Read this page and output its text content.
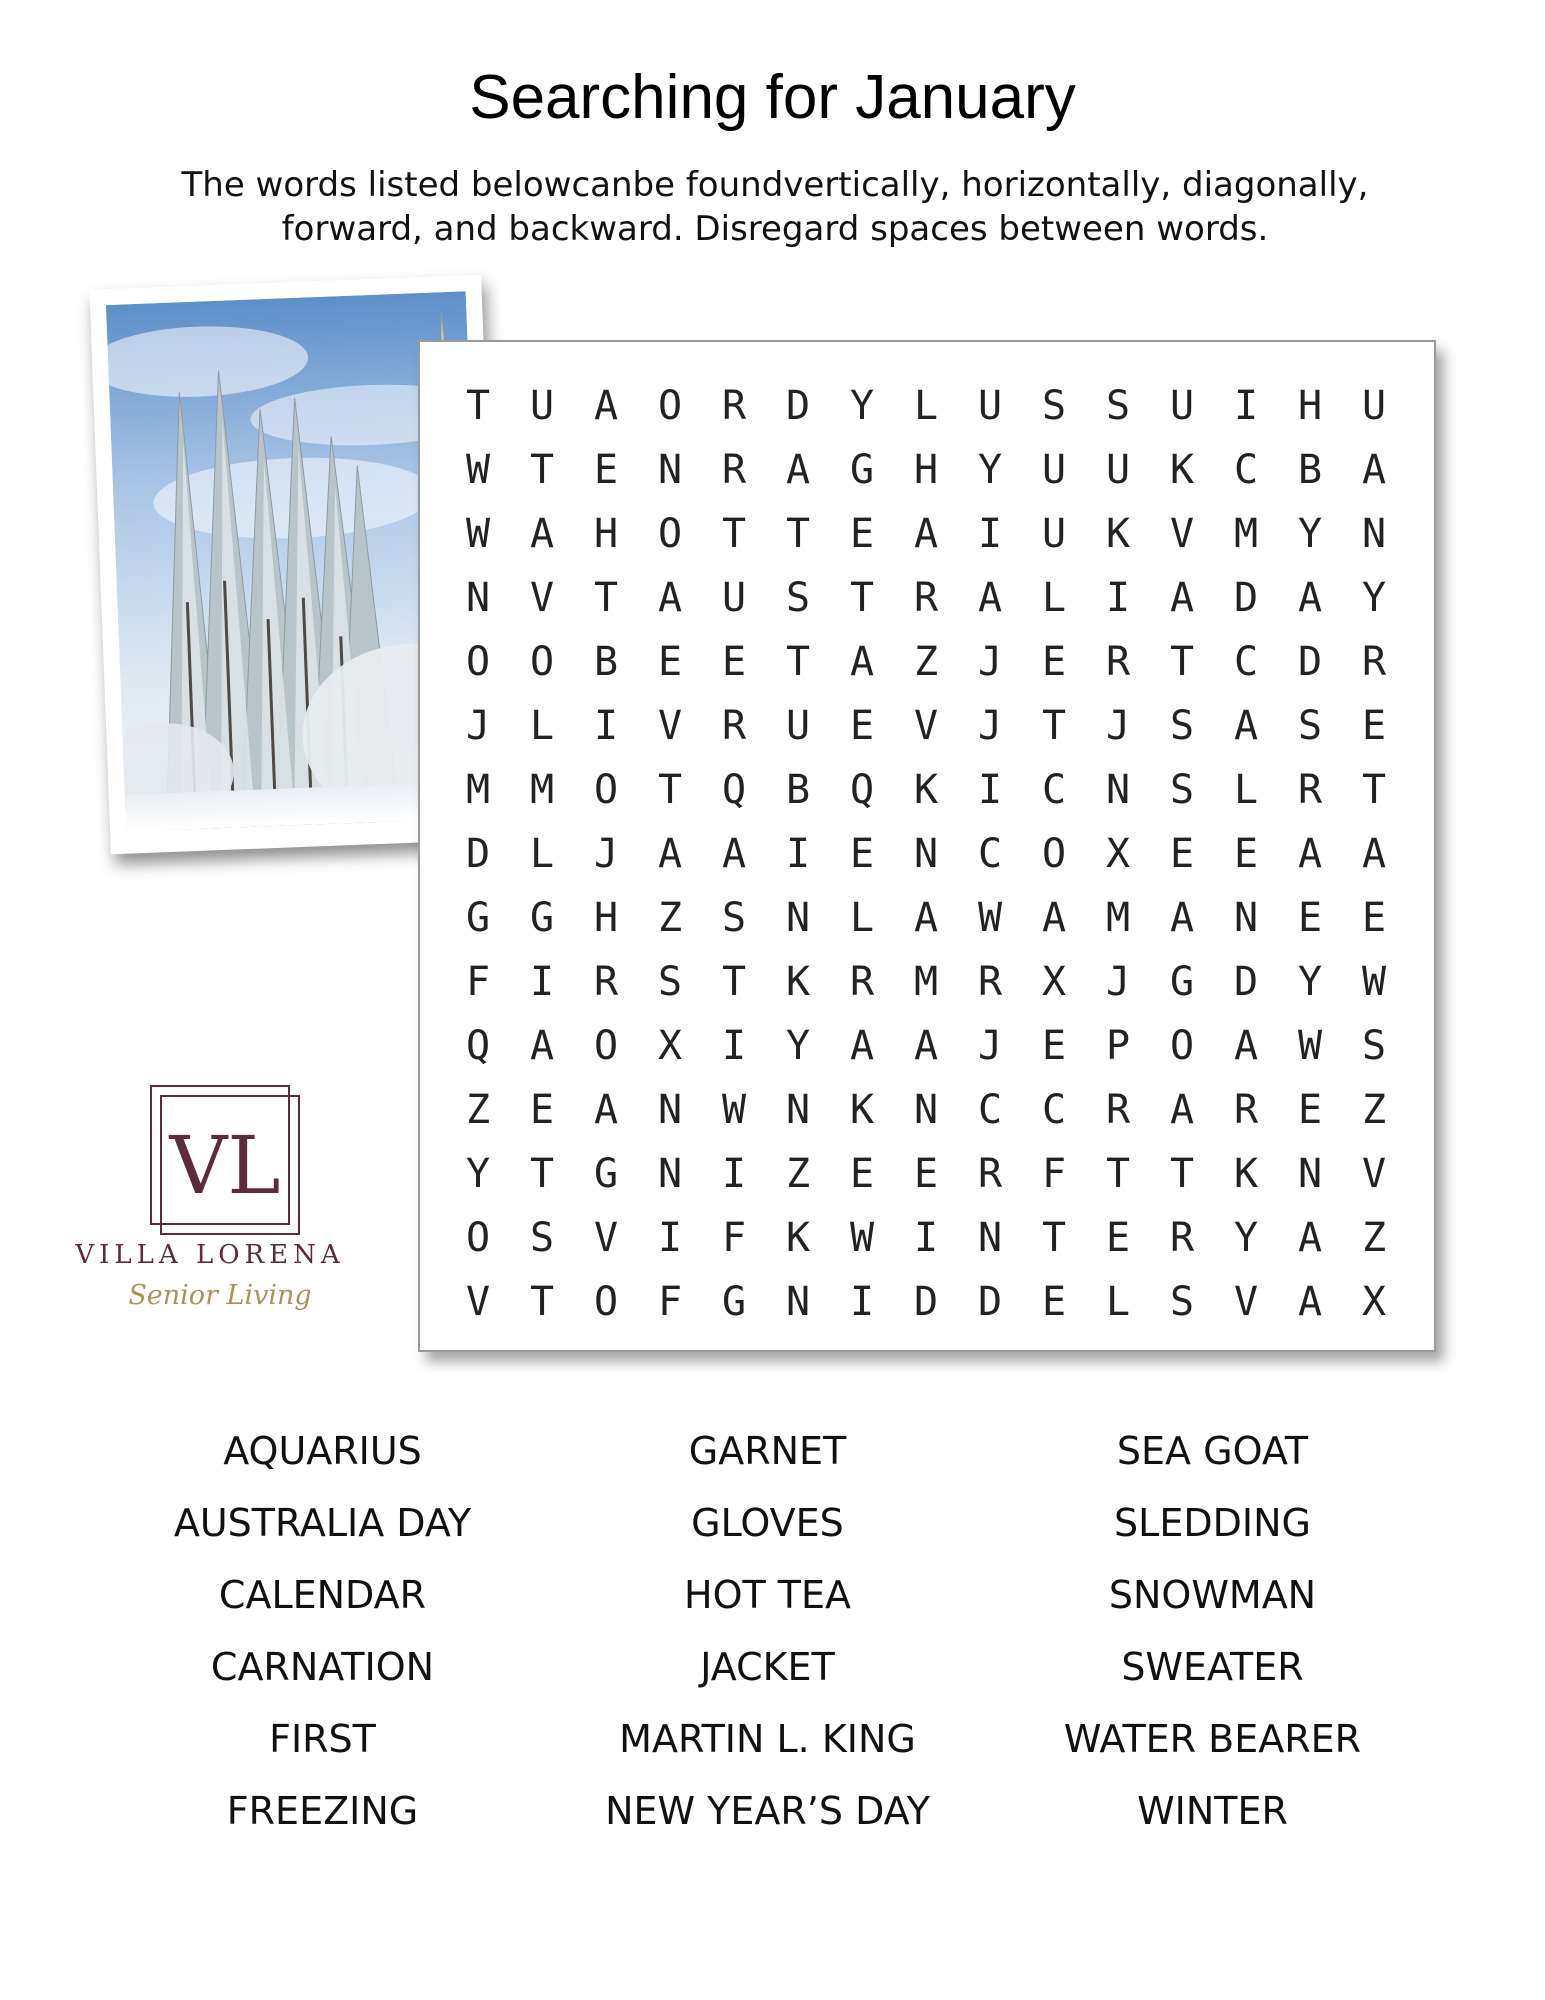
Searching for January
The words listed belowcanbe foundvertically, horizontally, diagonally,
forward, and backward. Disregard spaces between words.
VL
VILLA LORENA
Senior Living
T U A O R D Y L U S S U I H U
W T E N R A G H Y U U K C B A
W A H O T T E A I U K V M Y N
N V T A U S T R A L I A D A Y
O O B E E T A Z J E R T C D R
J L I V R U E V J T J S A S E
M M O T Q B Q K I C N S L R T
D L J A A I E N C O X E E A A
G G H Z S N L A W A M A N E E
F I R S T K R M R X J G D Y W
Q A O X I Y A A J E P O A W S
Z E A N W N K N C C R A R E Z
Y T G N I Z E E R F T T K N V
O S V I F K W I N T E R Y A Z
V T O F G N I D D E L S V A X
AQUARIUS
AUSTRALIA DAY
CALENDAR
CARNATION
FIRST
FREEZING
GARNET
GLOVES
HOT TEA
JACKET
MARTIN L. KING
NEW YEAR’S DAY
SEA GOAT
SLEDDING
SNOWMAN
SWEATER
WATER BEARER
WINTER
